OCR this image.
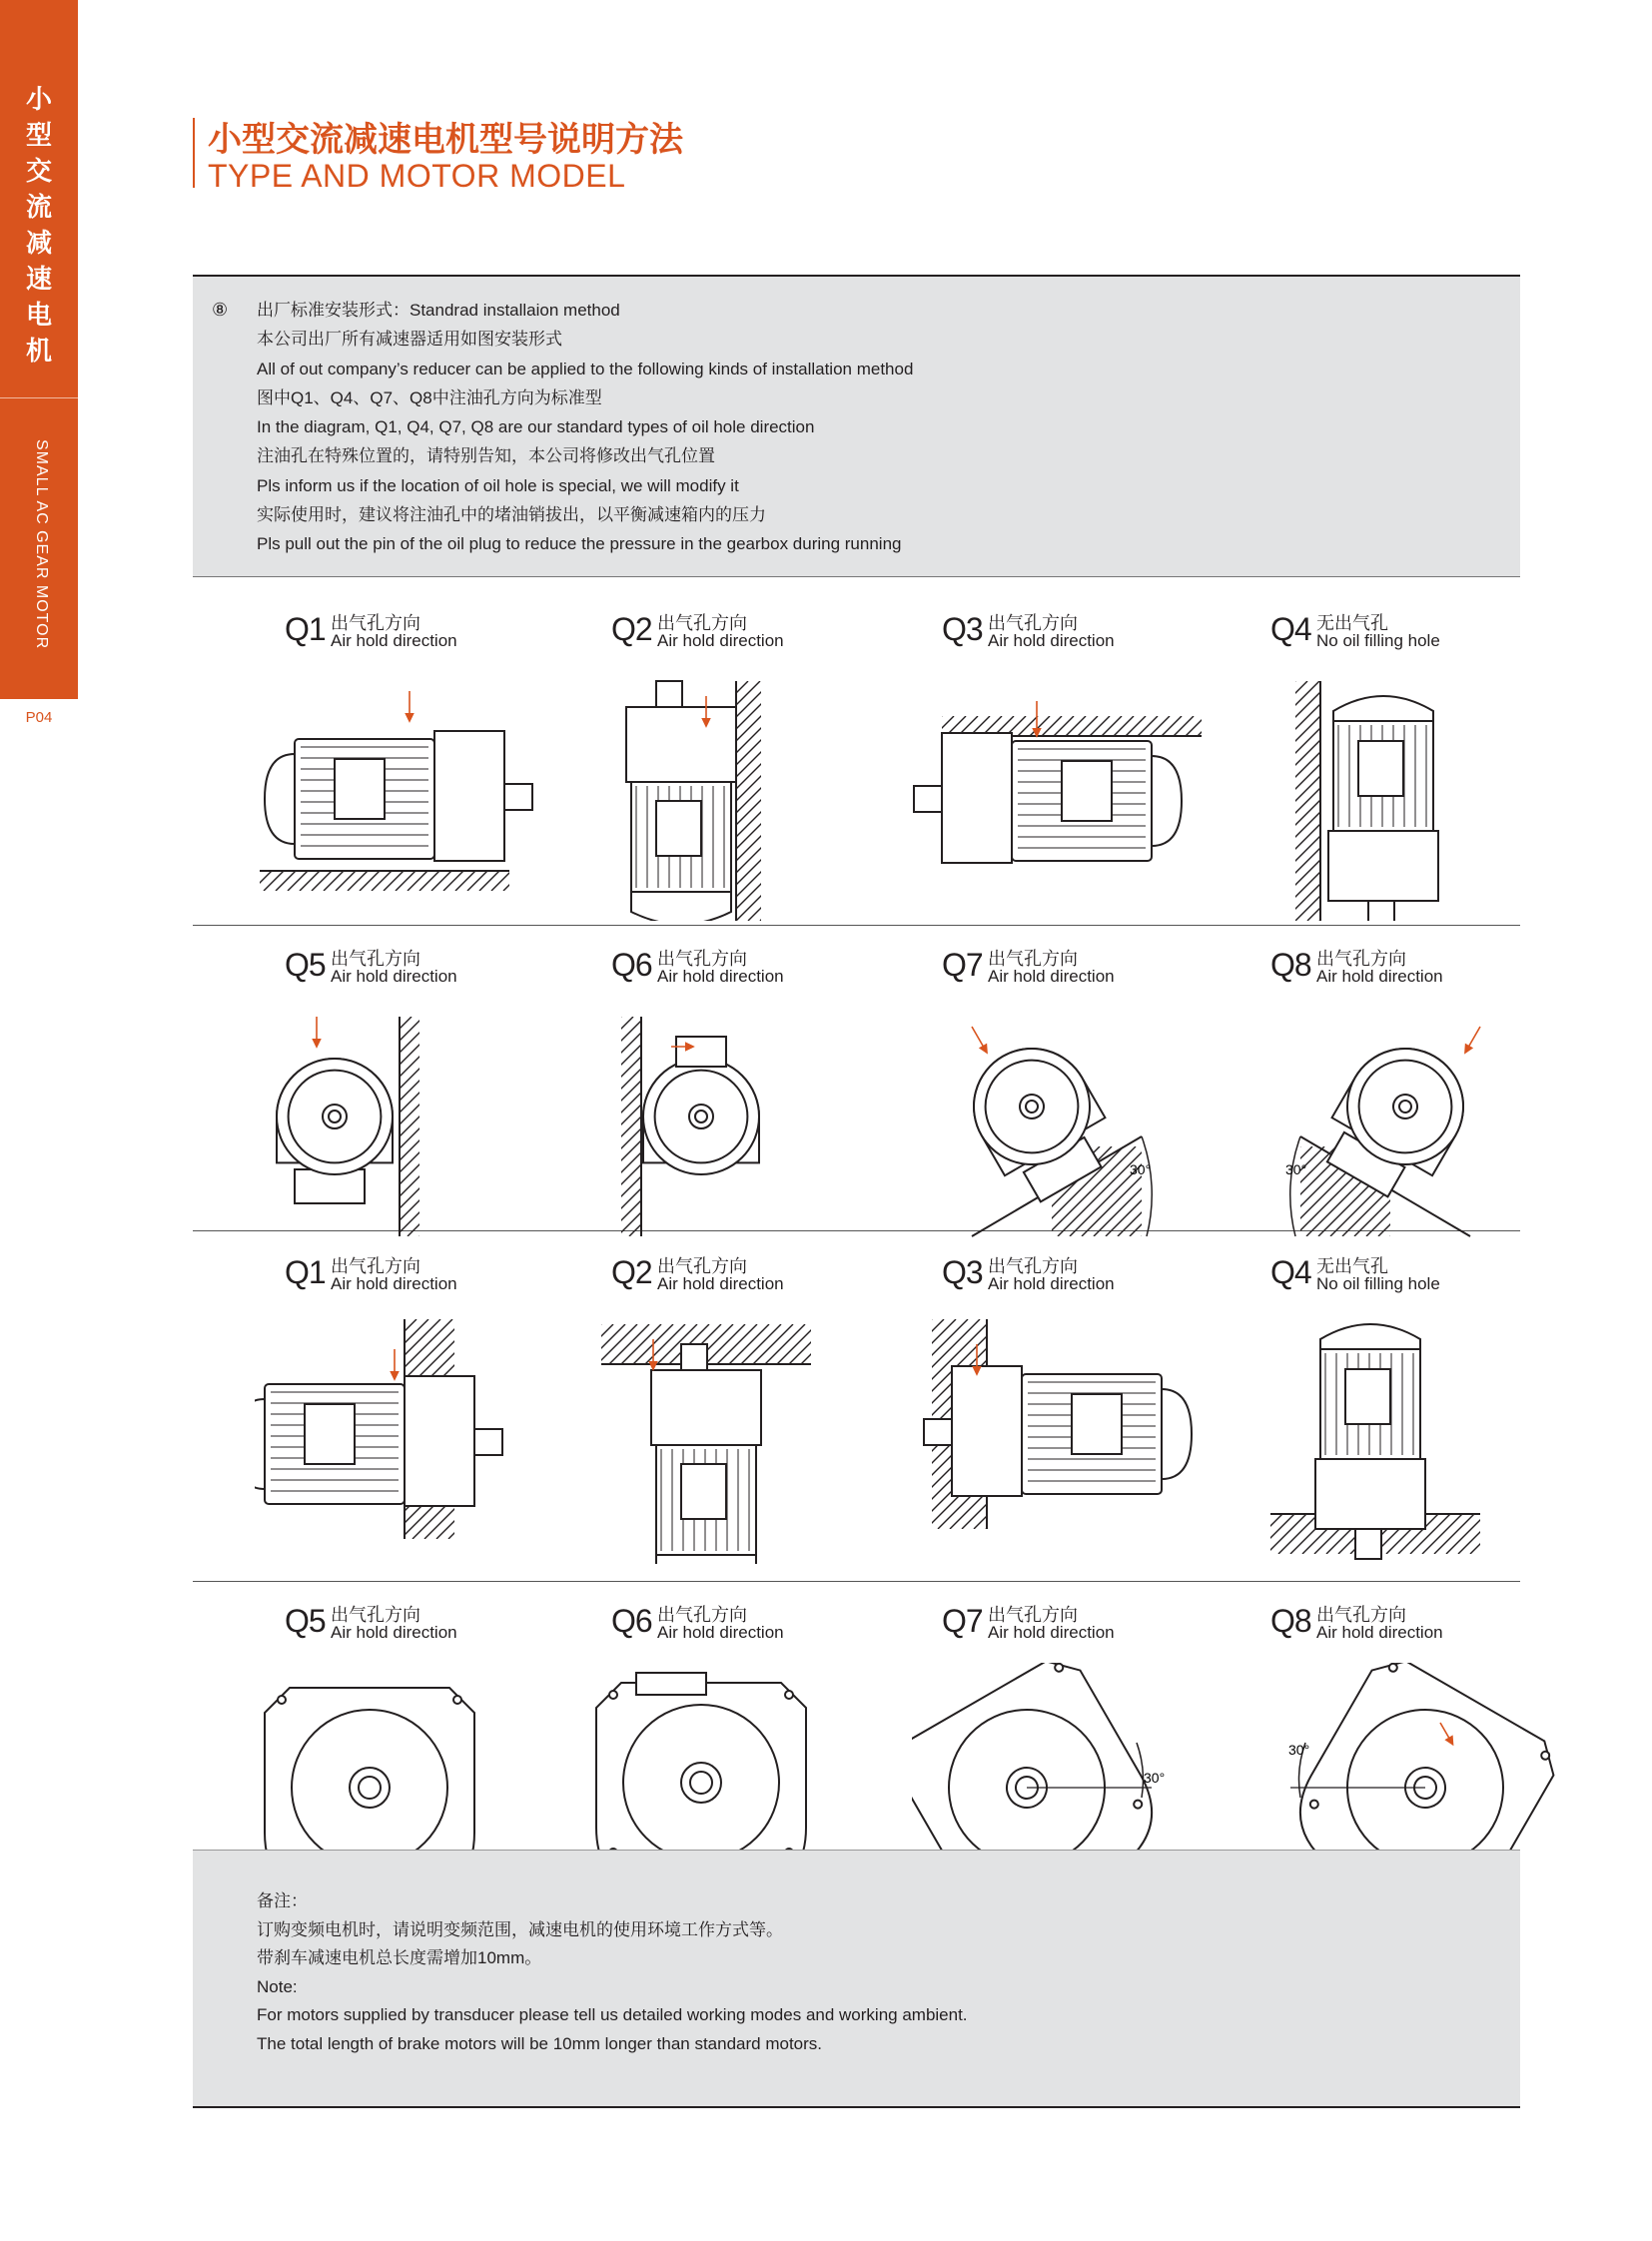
小
型
交
流
减
速
电
机
SMALL AC GEAR MOTOR
P04
小型交流减速电机型号说明方法
TYPE AND MOTOR MODEL
⑧ 出厂标准安装形式：Standrad installaion method
本公司出厂所有减速器适用如图安装形式
All of out company’s reducer can be applied to the following kinds of installation method
图中Q1、Q4、Q7、Q8中注油孔方向为标准型
In the diagram, Q1, Q4, Q7, Q8 are our standard types of oil hole direction
注油孔在特殊位置的，请特别告知，本公司将修改出气孔位置
Pls inform us if the location of oil hole is special, we will modify it
实际使用时，建议将注油孔中的堵油销拔出，以平衡减速箱内的压力
Pls pull out the pin of the oil plug to reduce the pressure in the gearbox during running
Q1 出气孔方向
Air hold direction	Q2 出气孔方向
Air hold direction	Q3 出气孔方向
Air hold direction	Q4 无出气孔
No oil filling hole
Q5 出气孔方向
Air hold direction	Q6 出气孔方向
Air hold direction	Q7 出气孔方向
Air hold direction
30°
Q8 出气孔方向
Air hold direction
30°
Q1 出气孔方向
Air hold direction	Q2 出气孔方向
Air hold direction	Q3 出气孔方向
Air hold direction	Q4 无出气孔
No oil filling hole
Q5 出气孔方向
Air hold direction	Q6 出气孔方向
Air hold direction	Q7 出气孔方向
Air hold direction
30°
Q8 出气孔方向
Air hold direction
30°
备注：
订购变频电机时，请说明变频范围，减速电机的使用环境工作方式等。
带刹车减速电机总长度需增加10mm。
Note:
For motors supplied by transducer please tell us detailed working modes and working ambient.
The total length of brake motors will be 10mm longer than standard motors.
